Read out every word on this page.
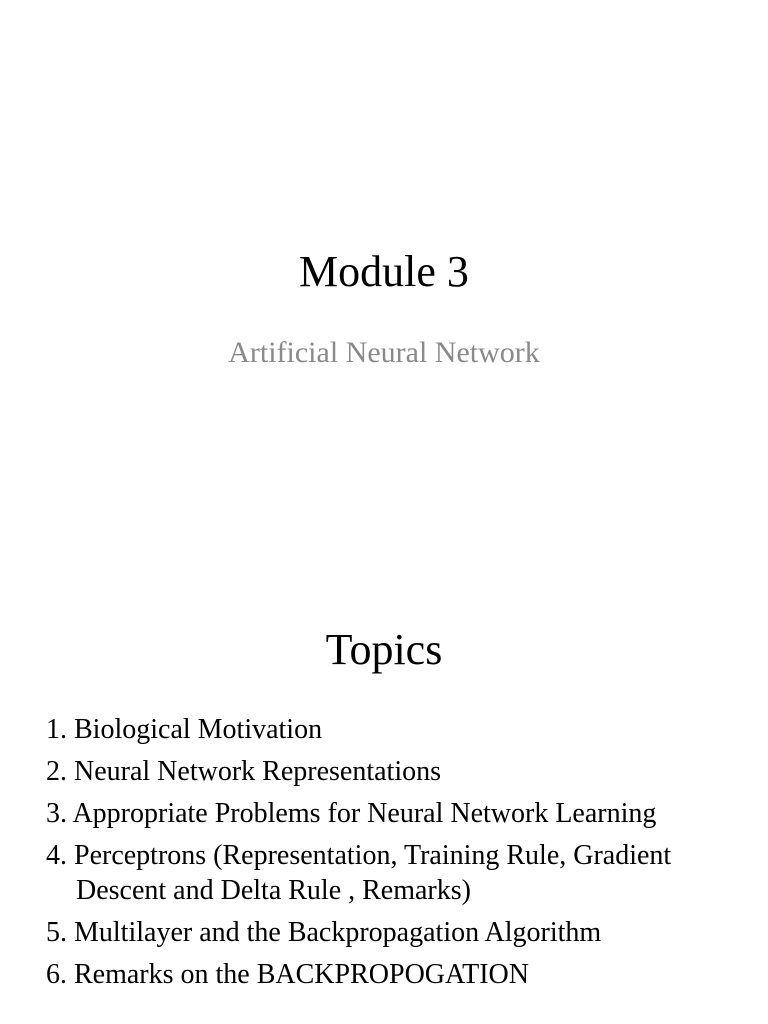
Module 3
Artificial Neural Network
Topics
1. Biological Motivation
2. Neural Network Representations
3. Appropriate Problems for Neural Network Learning
4. Perceptrons (Representation, Training Rule, Gradient Descent and Delta Rule , Remarks)
5. Multilayer and the Backpropagation Algorithm
6. Remarks on the BACKPROPOGATION
